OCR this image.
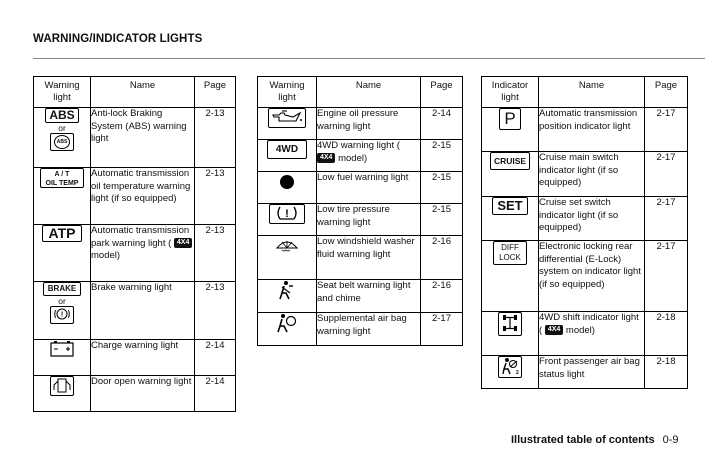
WARNING/INDICATOR LIGHTS
Warning light	Name	Page
ABS
or
ABS	Anti-lock Braking System (ABS) warning light	2-13
A / T
OIL TEMP	Automatic transmission oil temperature warning light (if so equipped)	2-13
ATP	Automatic transmission park warning light ( 4X4 model)	2-13
BRAKE
or
!	Brake warning light	2-13
	Charge warning light	2-14
	Door open warning light	2-14
Warning light	Name	Page
	Engine oil pressure warning light	2-14
4WD	4WD warning light ( 4X4 model)	2-15
	Low fuel warning light	2-15

!	Low tire pressure warning light	2-15
	Low windshield washer fluid warning light	2-16
	Seat belt warning light and chime	2-16
	Supplemental air bag warning light	2-17
Indicator light	Name	Page
P	Automatic transmission position indicator light	2-17
CRUISE	Cruise main switch indicator light (if so equipped)	2-17
SET	Cruise set switch indicator light (if so equipped)	2-17
DIFF
LOCK	Electronic locking rear differential (E-Lock) system on indicator light (if so equipped)	2-17
	4WD shift indicator light ( 4X4 model)	2-18

2	Front passenger air bag status light	2-18
Illustrated table of contents 0-9
